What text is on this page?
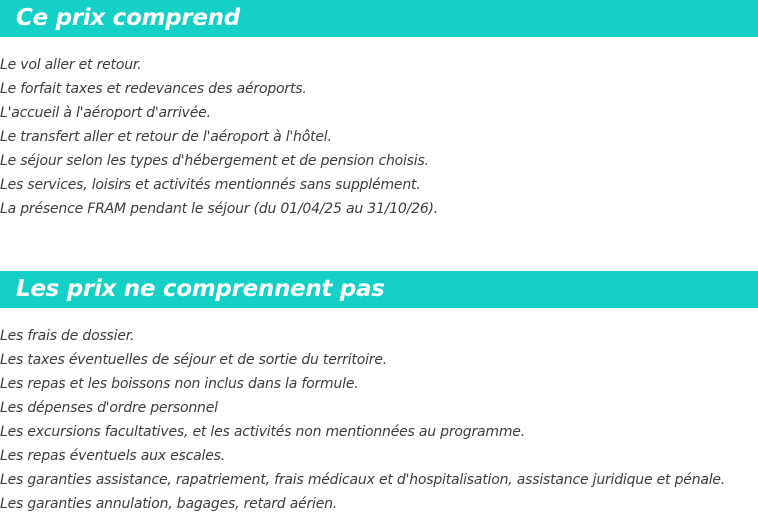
Ce prix comprend
Le vol aller et retour.
Le forfait taxes et redevances des aéroports.
L'accueil à l'aéroport d'arrivée.
Le transfert aller et retour de l'aéroport à l'hôtel.
Le séjour selon les types d'hébergement et de pension choisis.
Les services, loisirs et activités mentionnés sans supplément.
La présence FRAM pendant le séjour (du 01/04/25 au 31/10/26).
Les prix ne comprennent pas
Les frais de dossier.
Les taxes éventuelles de séjour et de sortie du territoire.
Les repas et les boissons non inclus dans la formule.
Les dépenses d'ordre personnel
Les excursions facultatives, et les activités non mentionnées au programme.
Les repas éventuels aux escales.
Les garanties assistance, rapatriement, frais médicaux et d'hospitalisation, assistance juridique et pénale.
Les garanties annulation, bagages, retard aérien.
